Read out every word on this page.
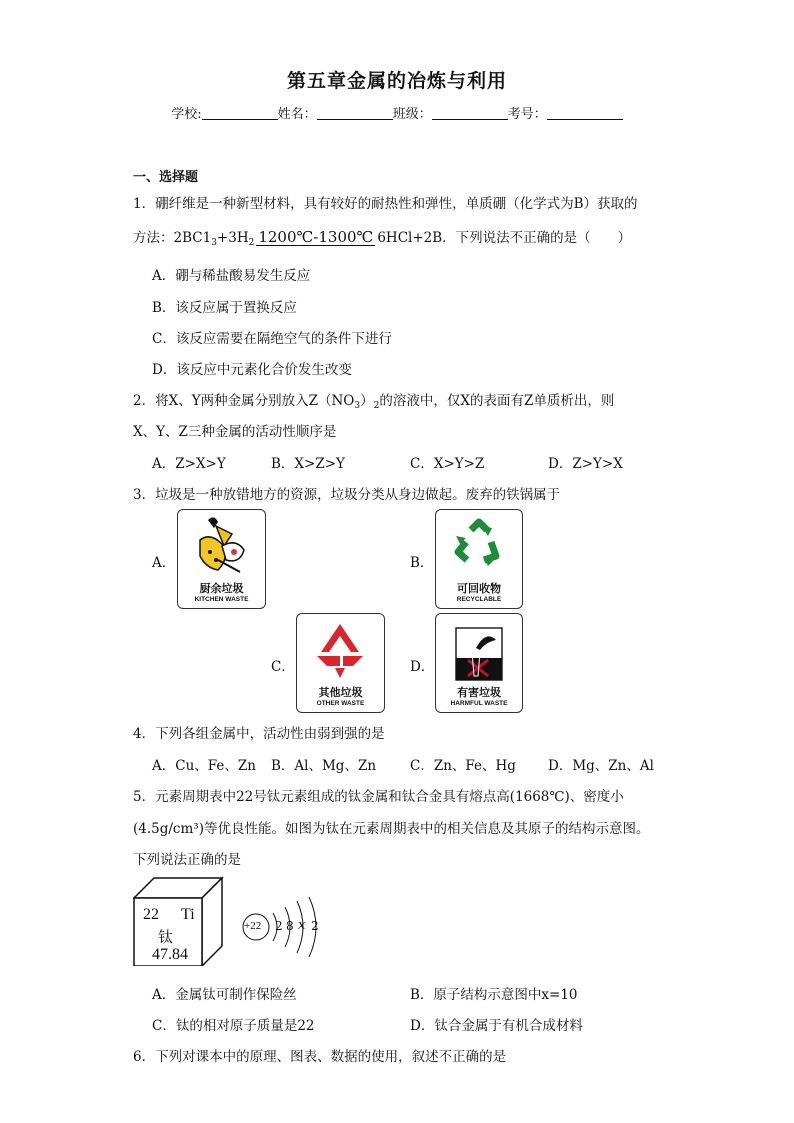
第五章金属的冶炼与利用
学校:	姓名：	班级：	考号：
一、选择题
1．硼纤维是一种新型材料，具有较好的耐热性和弹性，单质硼（化学式为B）获取的
方法：$2BC1_3+3H_2$ 1200℃-1300℃ 6HCl+2B．下列说法不正确的是（　　）
A．硼与稀盐酸易发生反应
B．该反应属于置换反应
C．该反应需要在隔绝空气的条件下进行
D．该反应中元素化合价发生改变
2．将X、Y两种金属分别放入$Z(NO_3)_2$的溶液中，仅X的表面有Z单质析出，则
X、Y、Z三种金属的活动性顺序是
A．Z>X>Y	B．X>Z>Y	C．X>Y>Z	D．Z>Y>X
3．垃圾是一种放错地方的资源，垃圾分类从身边做起。废弃的铁锅属于
A．	B．
C．	D．
厨余垃圾
KITCHEN WASTE
可回收物
RECYCLABLE
其他垃圾
OTHER WASTE
有害垃圾
HARMFUL WASTE
4．下列各组金属中，活动性由弱到强的是
A．Cu、Fe、Zn B．Al、Mg、Zn	C．Zn、Fe、Hg D．Mg、Zn、Al
5．元素周期表中22号钛元素组成的钛金属和钛合金具有熔点高(1668℃)、密度小
(4.5g/cm³)等优良性能。如图为钛在元素周期表中的相关信息及其原子的结构示意图。
下列说法正确的是
22 Ti
钛
47.84
+22 2 8 x 2
A．金属钛可制作保险丝	B．原子结构示意图中x=10
C．钛的相对原子质量是22	D．钛合金属于有机合成材料
6．下列对课本中的原理、图表、数据的使用，叙述不正确的是
